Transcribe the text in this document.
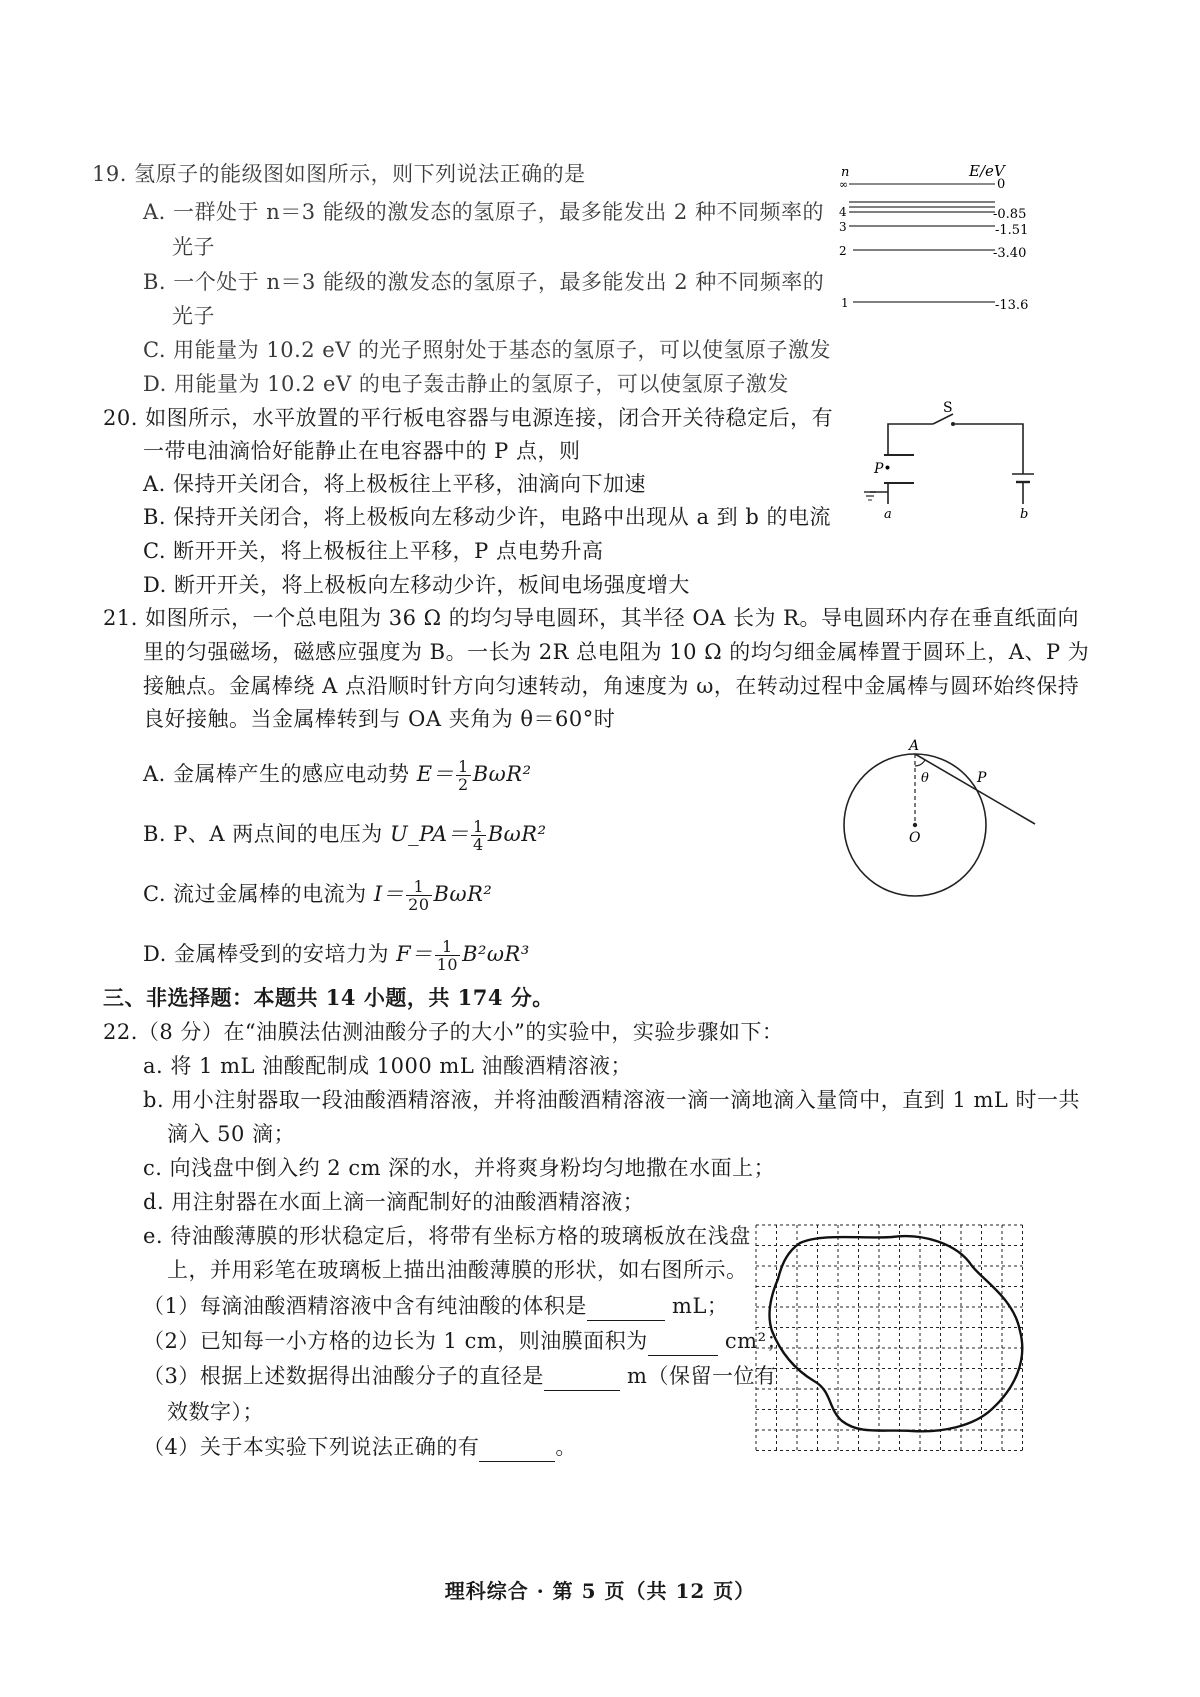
19. 氢原子的能级图如图所示，则下列说法正确的是
A. 一群处于 n＝3 能级的激发态的氢原子，最多能发出 2 种不同频率的
光子
B. 一个处于 n＝3 能级的激发态的氢原子，最多能发出 2 种不同频率的
光子
C. 用能量为 10.2 eV 的光子照射处于基态的氢原子，可以使氢原子激发
D. 用能量为 10.2 eV 的电子轰击静止的氢原子，可以使氢原子激发
n	E/eV
∞	0
4	-0.85
3	-1.51
2	-3.40
1	-13.6
20. 如图所示，水平放置的平行板电容器与电源连接，闭合开关待稳定后，有
一带电油滴恰好能静止在电容器中的 P 点，则
A. 保持开关闭合，将上极板往上平移，油滴向下加速
B. 保持开关闭合，将上极板向左移动少许，电路中出现从 a 到 b 的电流
C. 断开开关，将上极板往上平移，P 点电势升高
D. 断开开关，将上极板向左移动少许，板间电场强度增大
S
P•
a	b
21. 如图所示，一个总电阻为 36 Ω 的均匀导电圆环，其半径 OA 长为 R。导电圆环内存在垂直纸面向
里的匀强磁场，磁感应强度为 B。一长为 2R 总电阻为 10 Ω 的均匀细金属棒置于圆环上，A、P 为
接触点。金属棒绕 A 点沿顺时针方向匀速转动，角速度为 ω，在转动过程中金属棒与圆环始终保持
良好接触。当金属棒转到与 OA 夹角为 θ＝60°时
A. 金属棒产生的感应电动势 $E= \frac{1}{2} B\omega R^2$
B. P、A 两点间的电压为 U_PA＝ $\frac{1}{4} B\omega R^2$
C. 流过金属棒的电流为 $I= \frac{1}{20} B\omega R^2$
D. 金属棒受到的安培力为 $F= \frac{1}{10} B^2\omega R^3$
A
θ	P
O
三、非选择题：本题共 14 小题，共 174 分。
22.（8 分）在“油膜法估测油酸分子的大小”的实验中，实验步骤如下：
a. 将 1 mL 油酸配制成 1000 mL 油酸酒精溶液；
b. 用小注射器取一段油酸酒精溶液，并将油酸酒精溶液一滴一滴地滴入量筒中，直到 1 mL 时一共
滴入 50 滴；
c. 向浅盘中倒入约 2 cm 深的水，并将爽身粉均匀地撒在水面上；
d. 用注射器在水面上滴一滴配制好的油酸酒精溶液；
e. 待油酸薄膜的形状稳定后，将带有坐标方格的玻璃板放在浅盘
上，并用彩笔在玻璃板上描出油酸薄膜的形状，如右图所示。
（1）每滴油酸酒精溶液中含有纯油酸的体积是	mL；
（2）已知每一小方格的边长为 1 cm，则油膜面积为	cm²；
（3）根据上述数据得出油酸分子的直径是	m（保留一位有
效数字）；
（4）关于本实验下列说法正确的有	。
理科综合 · 第 5 页（共 12 页）
